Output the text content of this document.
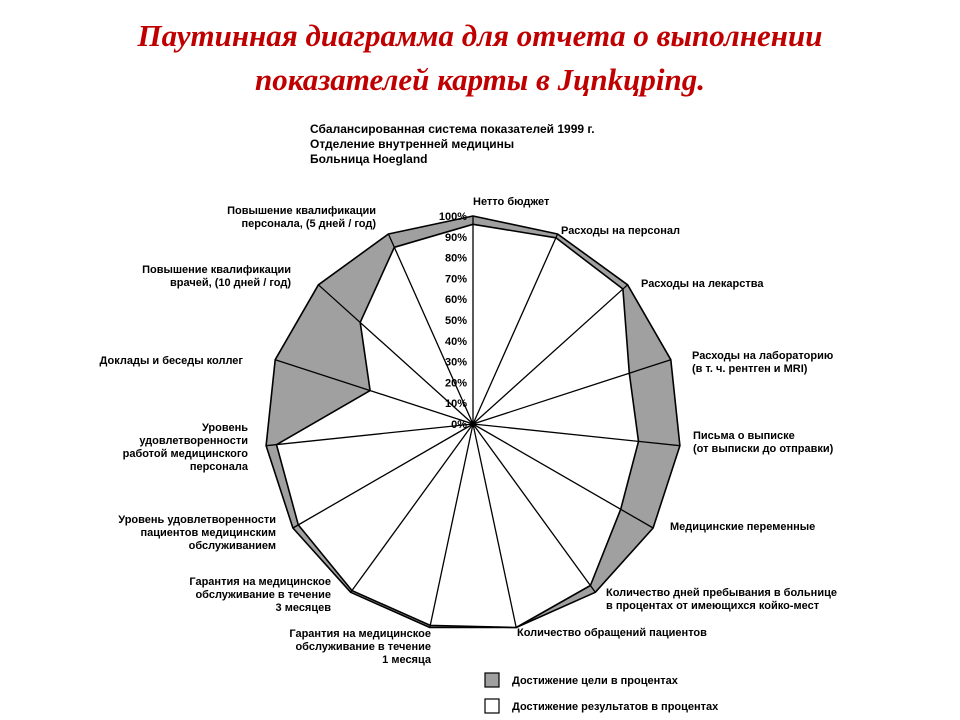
Паутинная диаграмма для отчета о выполнении
показателей карты в Jцnkцping.
100%
90%
80%
70%
60%
50%
40%
30%
20%
10%
0%
Нетто бюджет
Расходы на персонал
Расходы на лекарства
Расходы на лабораторию (в т. ч. рентген и МRI)
Письма о выписке (от выписки до отправки)
Медицинские переменные
Количество дней пребывания в больнице в процентах от имеющихся койко-мест
Количество обращений пациентов
Гарантия на медицинское обслуживание в течение 1 месяца
Гарантия на медицинское обслуживание в течение 3 месяцев
Уровень удовлетворенности пациентов медицинским обслуживанием
Уровень удовлетворенности работой медицинского персонала
Доклады и беседы коллег
Повышение квалификации врачей, (10 дней / год)
Повышение квалификации персонала, (5 дней / год)
Сбалансированная система показателей 1999 г.
Отделение внутренней медицины
Больница Hoegland
Достижение цели в процентах
Достижение результатов в процентах
